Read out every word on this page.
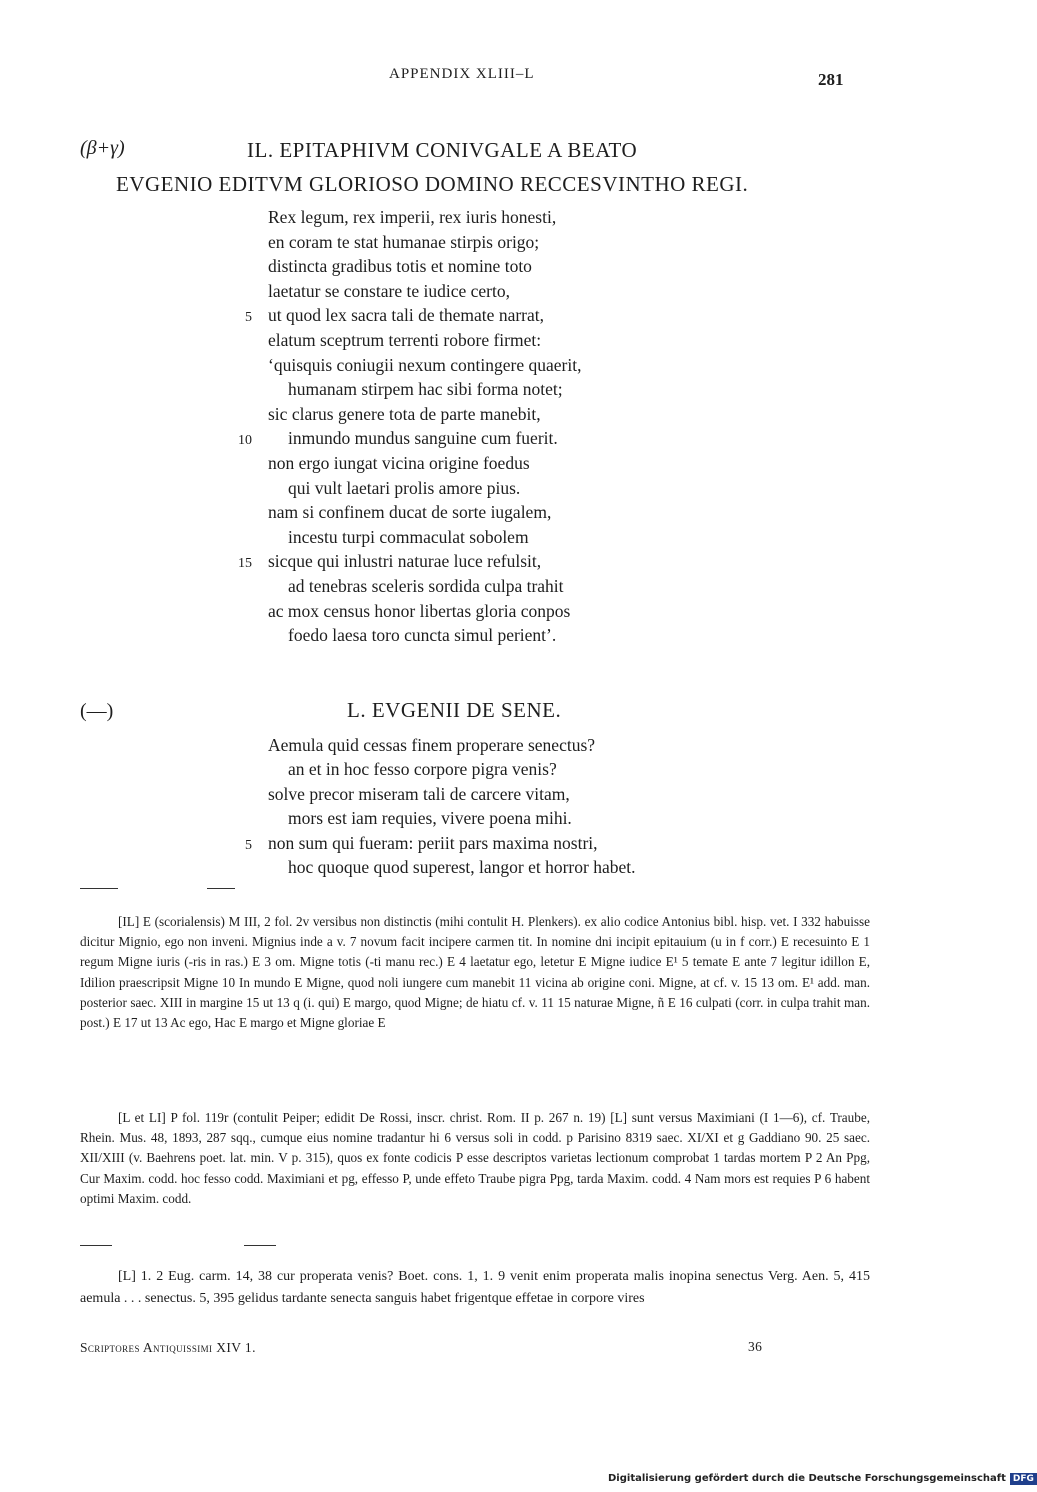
APPENDIX XLIII–L	281
(β+γ)	IL. EPITAPHIVM CONIVGALE A BEATO
EVGENIO EDITVM GLORIOSO DOMINO RECCESVINTHO REGI.
Rex legum, rex imperii, rex iuris honesti,
en coram te stat humanae stirpis origo;
distincta gradibus totis et nomine toto
laetatur se constare te iudice certo,
5 ut quod lex sacra tali de themate narrat,
elatum sceptrum terrenti robore firmet:
‘quisquis coniugii nexum contingere quaerit,
humanam stirpem hac sibi forma notet;
sic clarus genere tota de parte manebit,
10 inmundo mundus sanguine cum fuerit.
non ergo iungat vicina origine foedus
qui vult laetari prolis amore pius.
nam si confinem ducat de sorte iugalem,
incestu turpi commaculat sobolem
15 sicque qui inlustri naturae luce refulsit,
ad tenebras sceleris sordida culpa trahit
ac mox census honor libertas gloria conpos
foedo laesa toro cuncta simul perient’.
(—)	L. EVGENII DE SENE.
Aemula quid cessas finem properare senectus?
an et in hoc fesso corpore pigra venis?
solve precor miseram tali de carcere vitam,
mors est iam requies, vivere poena mihi.
5 non sum qui fueram: periit pars maxima nostri,
hoc quoque quod superest, langor et horror habet.

[IL] E (scorialensis) M III, 2 fol. 2v versibus non distinctis (mihi contulit H. Plenkers). ex alio codice Antonius bibl. hisp. vet. I 332 habuisse dicitur Mignio, ego non inveni. Mignius inde a v. 7 novum facit incipere carmen tit. In nomine dni incipit epitauium (u in f corr.) E recesuinto E 1 regum Migne iuris (-ris in ras.) E 3 om. Migne totis (-ti manu rec.) E 4 laetatur ego, letetur E Migne iudice E¹ 5 temate E ante 7 legitur idillon E, Idilion praescripsit Migne 10 In mundo E Migne, quod noli iungere cum manebit 11 vicina ab origine coni. Migne, at cf. v. 15 13 om. E¹ add. man. posterior saec. XIII in margine 15 ut 13 q (i. qui) E margo, quod Migne; de hiatu cf. v. 11 15 naturae Migne, ñ E 16 culpati (corr. in culpa trahit man. post.) E 17 ut 13 Ac ego, Hac E margo et Migne gloriae E

[L et LI] P fol. 119r (contulit Peiper; edidit De Rossi, inscr. christ. Rom. II p. 267 n. 19) [L] sunt versus Maximiani (I 1—6), cf. Traube, Rhein. Mus. 48, 1893, 287 sqq., cumque eius nomine tradantur hi 6 versus soli in codd. p Parisino 8319 saec. XI/XI et g Gaddiano 90. 25 saec. XII/XIII (v. Baehrens poet. lat. min. V p. 315), quos ex fonte codicis P esse descriptos varietas lectionum comprobat 1 tardas mortem P 2 An Ppg, Cur Maxim. codd. hoc fesso codd. Maximiani et pg, effesso P, unde effeto Traube pigra Ppg, tarda Maxim. codd. 4 Nam mors est requies P 6 habent optimi Maxim. codd.

[L] 1. 2 Eug. carm. 14, 38 cur properata venis? Boet. cons. 1, 1. 9 venit enim properata malis inopina senectus Verg. Aen. 5, 415 aemula . . . senectus. 5, 395 gelidus tardante senecta sanguis habet frigentque effetae in corpore vires

Scriptores Antiquissimi XIV 1.	36
Digitalisierung gefördert durch die Deutsche Forschungsgemeinschaft DFG
